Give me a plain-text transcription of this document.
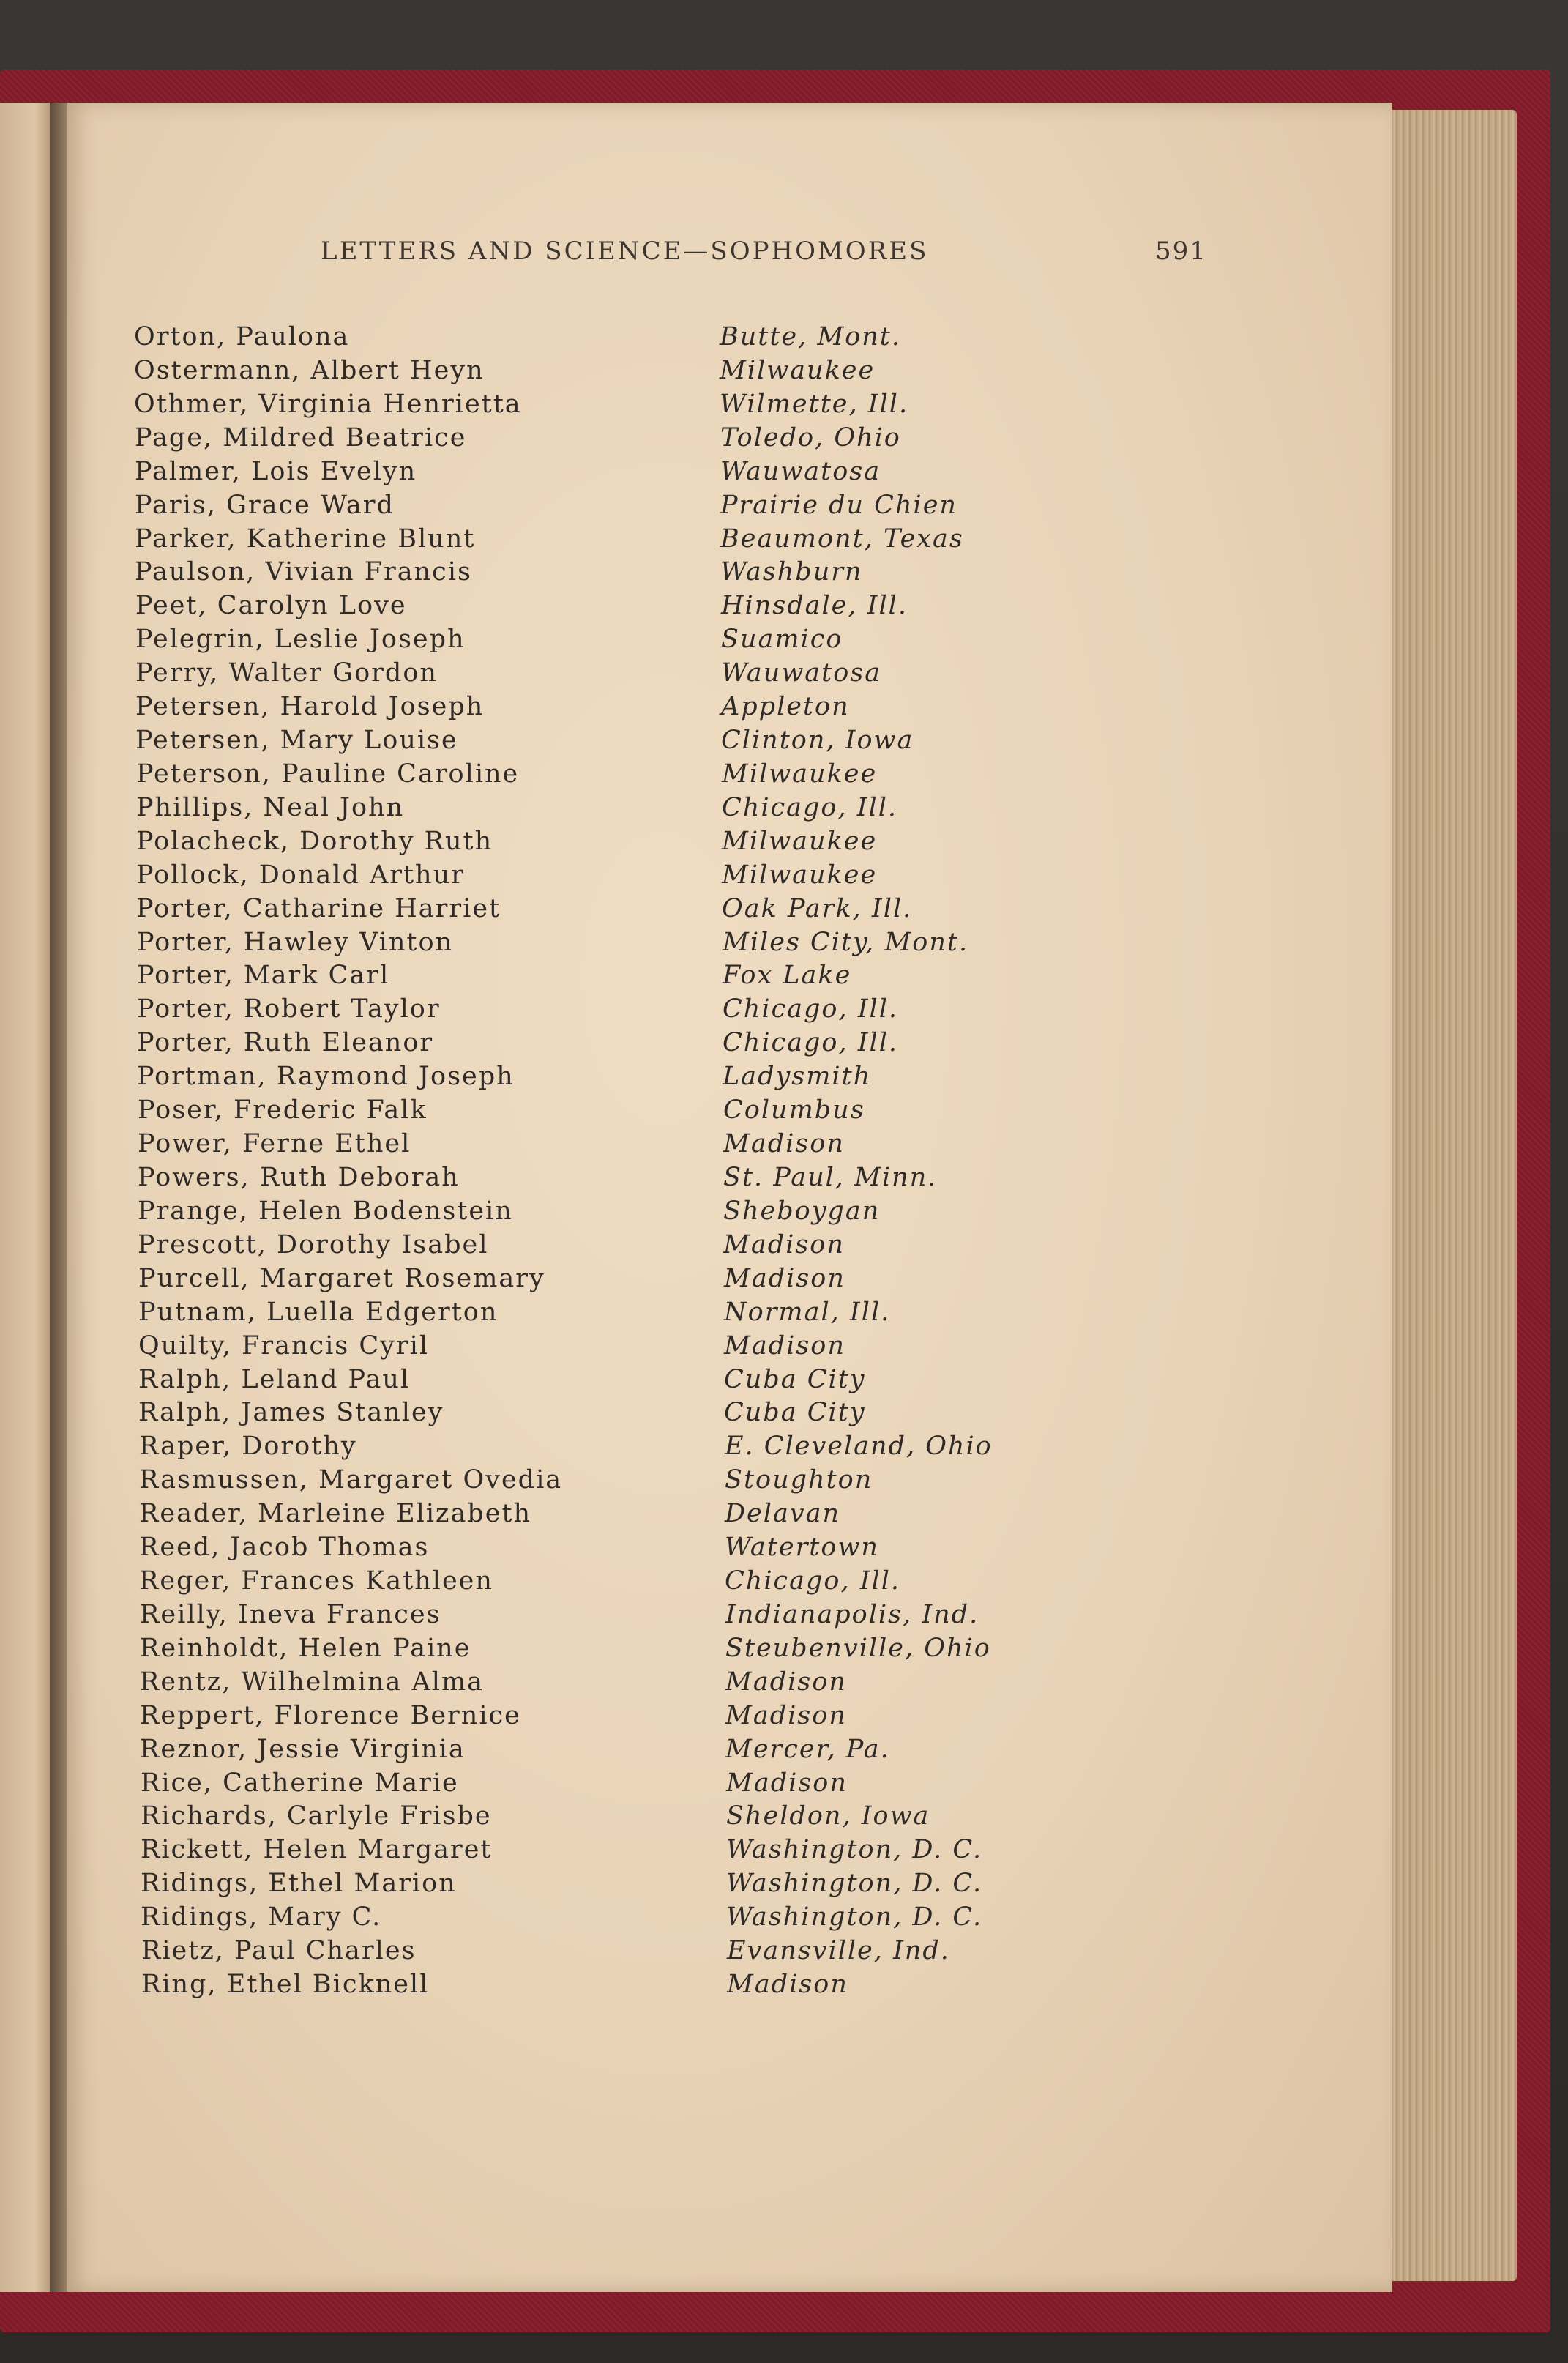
LETTERS AND SCIENCE—SOPHOMORES	591
Orton, Paulona	Butte, Mont.
Ostermann, Albert Heyn	Milwaukee
Othmer, Virginia Henrietta	Wilmette, Ill.
Page, Mildred Beatrice	Toledo, Ohio
Palmer, Lois Evelyn	Wauwatosa
Paris, Grace Ward	Prairie du Chien
Parker, Katherine Blunt	Beaumont, Texas
Paulson, Vivian Francis	Washburn
Peet, Carolyn Love	Hinsdale, Ill.
Pelegrin, Leslie Joseph	Suamico
Perry, Walter Gordon	Wauwatosa
Petersen, Harold Joseph	Appleton
Petersen, Mary Louise	Clinton, Iowa
Peterson, Pauline Caroline	Milwaukee
Phillips, Neal John	Chicago, Ill.
Polacheck, Dorothy Ruth	Milwaukee
Pollock, Donald Arthur	Milwaukee
Porter, Catharine Harriet	Oak Park, Ill.
Porter, Hawley Vinton	Miles City, Mont.
Porter, Mark Carl	Fox Lake
Porter, Robert Taylor	Chicago, Ill.
Porter, Ruth Eleanor	Chicago, Ill.
Portman, Raymond Joseph	Ladysmith
Poser, Frederic Falk	Columbus
Power, Ferne Ethel	Madison
Powers, Ruth Deborah	St. Paul, Minn.
Prange, Helen Bodenstein	Sheboygan
Prescott, Dorothy Isabel	Madison
Purcell, Margaret Rosemary	Madison
Putnam, Luella Edgerton	Normal, Ill.
Quilty, Francis Cyril	Madison
Ralph, Leland Paul	Cuba City
Ralph, James Stanley	Cuba City
Raper, Dorothy	E. Cleveland, Ohio
Rasmussen, Margaret Ovedia	Stoughton
Reader, Marleine Elizabeth	Delavan
Reed, Jacob Thomas	Watertown
Reger, Frances Kathleen	Chicago, Ill.
Reilly, Ineva Frances	Indianapolis, Ind.
Reinholdt, Helen Paine	Steubenville, Ohio
Rentz, Wilhelmina Alma	Madison
Reppert, Florence Bernice	Madison
Reznor, Jessie Virginia	Mercer, Pa.
Rice, Catherine Marie	Madison
Richards, Carlyle Frisbe	Sheldon, Iowa
Rickett, Helen Margaret	Washington, D. C.
Ridings, Ethel Marion	Washington, D. C.
Ridings, Mary C.	Washington, D. C.
Rietz, Paul Charles	Evansville, Ind.
Ring, Ethel Bicknell	Madison
